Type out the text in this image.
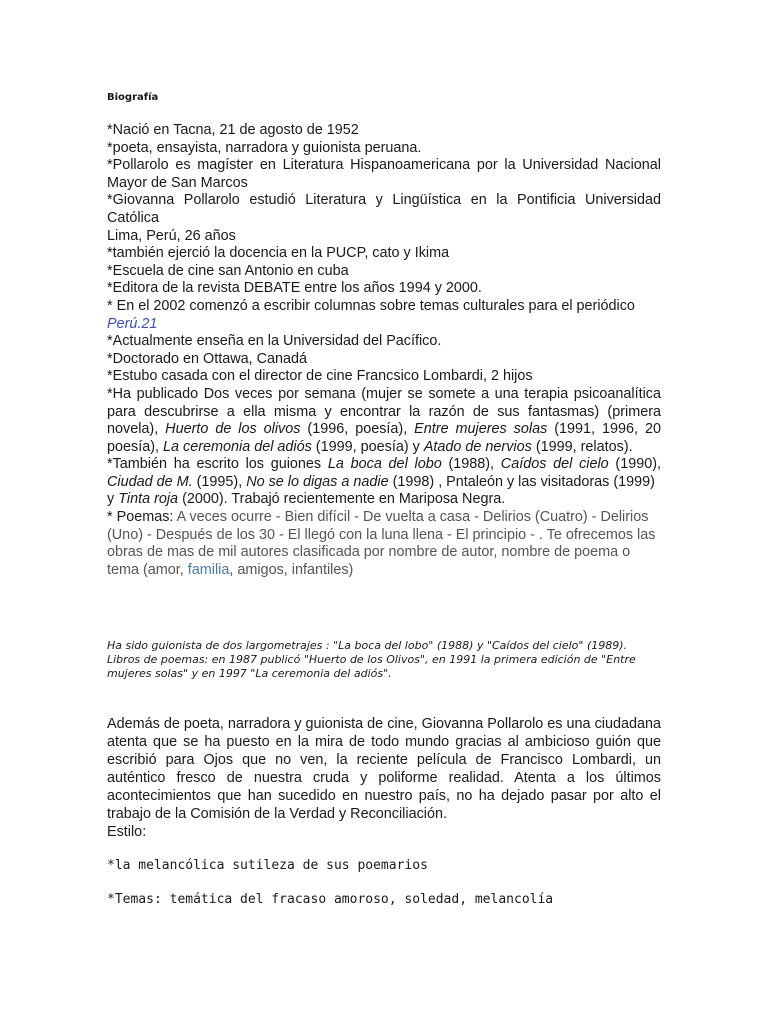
Biografía

*Nació en Tacna, 21 de agosto de 1952

*poeta, ensayista, narradora y guionista peruana.

*Pollarolo es magíster en Literatura Hispanoamericana por la Universidad Nacional Mayor de San Marcos

*Giovanna Pollarolo estudió Literatura y Lingüística en la Pontificia Universidad Católica

Lima, Perú, 26 años

*también ejerció la docencia en la PUCP, cato y Ikima

*Escuela de cine san Antonio en cuba

*Editora de la revista DEBATE entre los años 1994 y 2000.

* En el 2002 comenzó a escribir columnas sobre temas culturales para el periódico Perú.21

*Actualmente enseña en la Universidad del Pacífico.

*Doctorado en Ottawa, Canadá

*Estubo casada con el director de cine Francsico Lombardi, 2 hijos

*Ha publicado Dos veces por semana (mujer se somete a una terapia psicoanalítica para descubrirse a ella misma y encontrar la razón de sus fantasmas) (primera novela), Huerto de los olivos (1996, poesía), Entre mujeres solas (1991, 1996, 20 poesía), La ceremonia del adiós (1999, poesía) y Atado de nervios (1999, relatos).

*También ha escrito los guiones La boca del lobo (1988), Caídos del cielo (1990), Ciudad de M. (1995), No se lo digas a nadie (1998) , Pntaleón y las visitadoras (1999)

y Tinta roja (2000). Trabajó recientemente en Mariposa Negra.

* Poemas: A veces ocurre - Bien difícil - De vuelta a casa - Delirios (Cuatro) - Delirios (Uno) - Después de los 30 - El llegó con la luna llena - El principio - . Te ofrecemos las obras de mas de mil autores clasificada por nombre de autor, nombre de poema o tema (amor, familia, amigos, infantiles)

Ha sido guionista de dos largometrajes : "La boca del lobo" (1988) y "Caídos del cielo" (1989). Libros de poemas: en 1987 publicó "Huerto de los Olivos", en 1991 la primera edición de "Entre mujeres solas" y en 1997 "La ceremonia del adiós".

Además de poeta, narradora y guionista de cine, Giovanna Pollarolo es una ciudadana atenta que se ha puesto en la mira de todo mundo gracias al ambicioso guión que escribió para Ojos que no ven, la reciente película de Francisco Lombardi, un auténtico fresco de nuestra cruda y poliforme realidad. Atenta a los últimos acontecimientos que han sucedido en nuestro país, no ha dejado pasar por alto el trabajo de la Comisión de la Verdad y Reconciliación.

Estilo:

*la melancólica sutileza de sus poemarios
*Temas: temática del fracaso amoroso, soledad, melancolía
